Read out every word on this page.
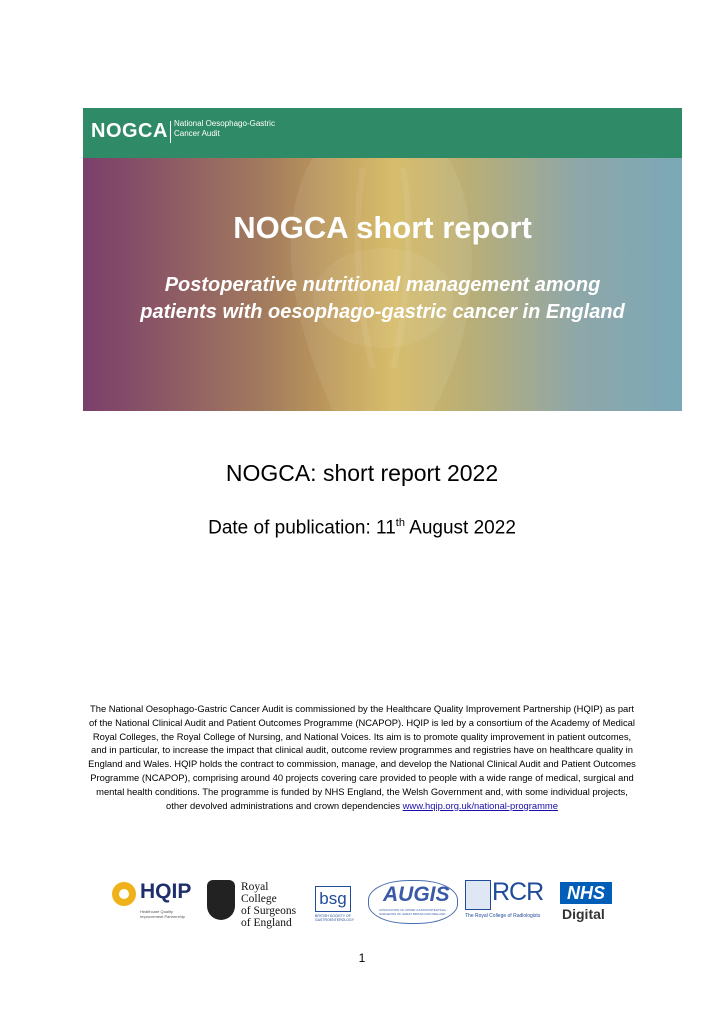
NOGCA National Oesophago-Gastric
Cancer Audit
NOGCA short report
Postoperative nutritional management among
patients with oesophago-gastric cancer in England
NOGCA: short report 2022
Date of publication: 11th August 2022
The National Oesophago-Gastric Cancer Audit is commissioned by the Healthcare Quality Improvement Partnership (HQIP) as part of the National Clinical Audit and Patient Outcomes Programme (NCAPOP). HQIP is led by a consortium of the Academy of Medical Royal Colleges, the Royal College of Nursing, and National Voices. Its aim is to promote quality improvement in patient outcomes, and in particular, to increase the impact that clinical audit, outcome review programmes and registries have on healthcare quality in England and Wales. HQIP holds the contract to commission, manage, and develop the National Clinical Audit and Patient Outcomes Programme (NCAPOP), comprising around 40 projects covering care provided to people with a wide range of medical, surgical and mental health conditions. The programme is funded by NHS England, the Welsh Government and, with some individual projects, other devolved administrations and crown dependencies www.hqip.org.uk/national-programme
HQIP
Healthcare Quality Improvement Partnership
Royal College
of Surgeons
of England
bsg
BRITISH SOCIETY OF GASTROENTEROLOGY
AUGIS
ASSOCIATION OF UPPER GASTROINTESTINAL SURGEONS OF GREAT BRITAIN AND IRELAND
RCR
The Royal College of Radiologists
NHS
Digital
1
